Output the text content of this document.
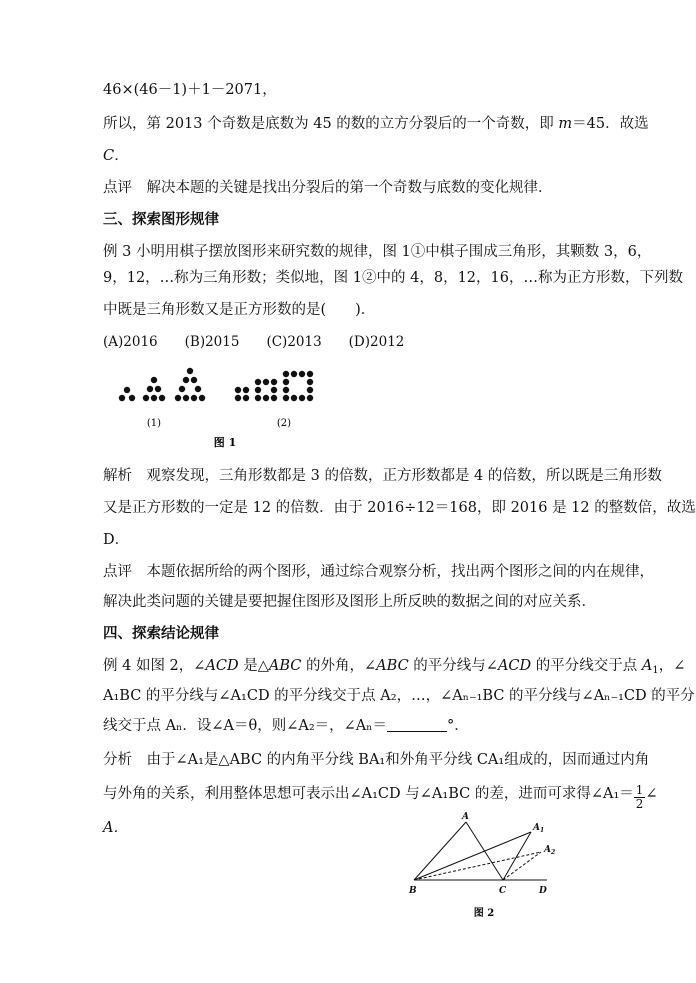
46×(46－1)＋1－2071，
所以，第 2013 个奇数是底数为 45 的数的立方分裂后的一个奇数，即 m＝45．故选
C．
点评　解决本题的关键是找出分裂后的第一个奇数与底数的变化规律．
三、探索图形规律
例 3 小明用棋子摆放图形来研究数的规律，图 1①中棋子围成三角形，其颗数 3，6，
9，12，…称为三角形数；类似地，图 1②中的 4，8，12，16，…称为正方形数，下列数
中既是三角形数又是正方形数的是(　　)．
(A)2016　　(B)2015　　(C)2013　　(D)2012
(1)	(2)
图 1
解析　观察发现，三角形数都是 3 的倍数，正方形数都是 4 的倍数，所以既是三角形数
又是正方形数的一定是 12 的倍数．由于 2016÷12＝168，即 2016 是 12 的整数倍，故选
D．
点评　本题依据所给的两个图形，通过综合观察分析，找出两个图形之间的内在规律，
解决此类问题的关键是要把握住图形及图形上所反映的数据之间的对应关系．
四、探索结论规律
例 4 如图 2，∠ACD 是△ABC 的外角，∠ABC 的平分线与∠ACD 的平分线交于点 $A_1$，∠
A₁BC 的平分线与∠A₁CD 的平分线交于点 A₂，…，∠Aₙ₋₁BC 的平分线与∠Aₙ₋₁CD 的平分
线交于点 Aₙ．设∠A＝θ，则∠A₂＝，∠Aₙ＝	°．
分析　由于∠A₁是△ABC 的内角平分线 BA₁和外角平分线 CA₁组成的，因而通过内角
与外角的关系，利用整体思想可表示出∠A₁CD 与∠A₁BC 的差，进而可求得∠A₁＝ $\frac{1}{2}$ ∠
A．
A
$A_1$
$A_2$
B	C	D
图 2
